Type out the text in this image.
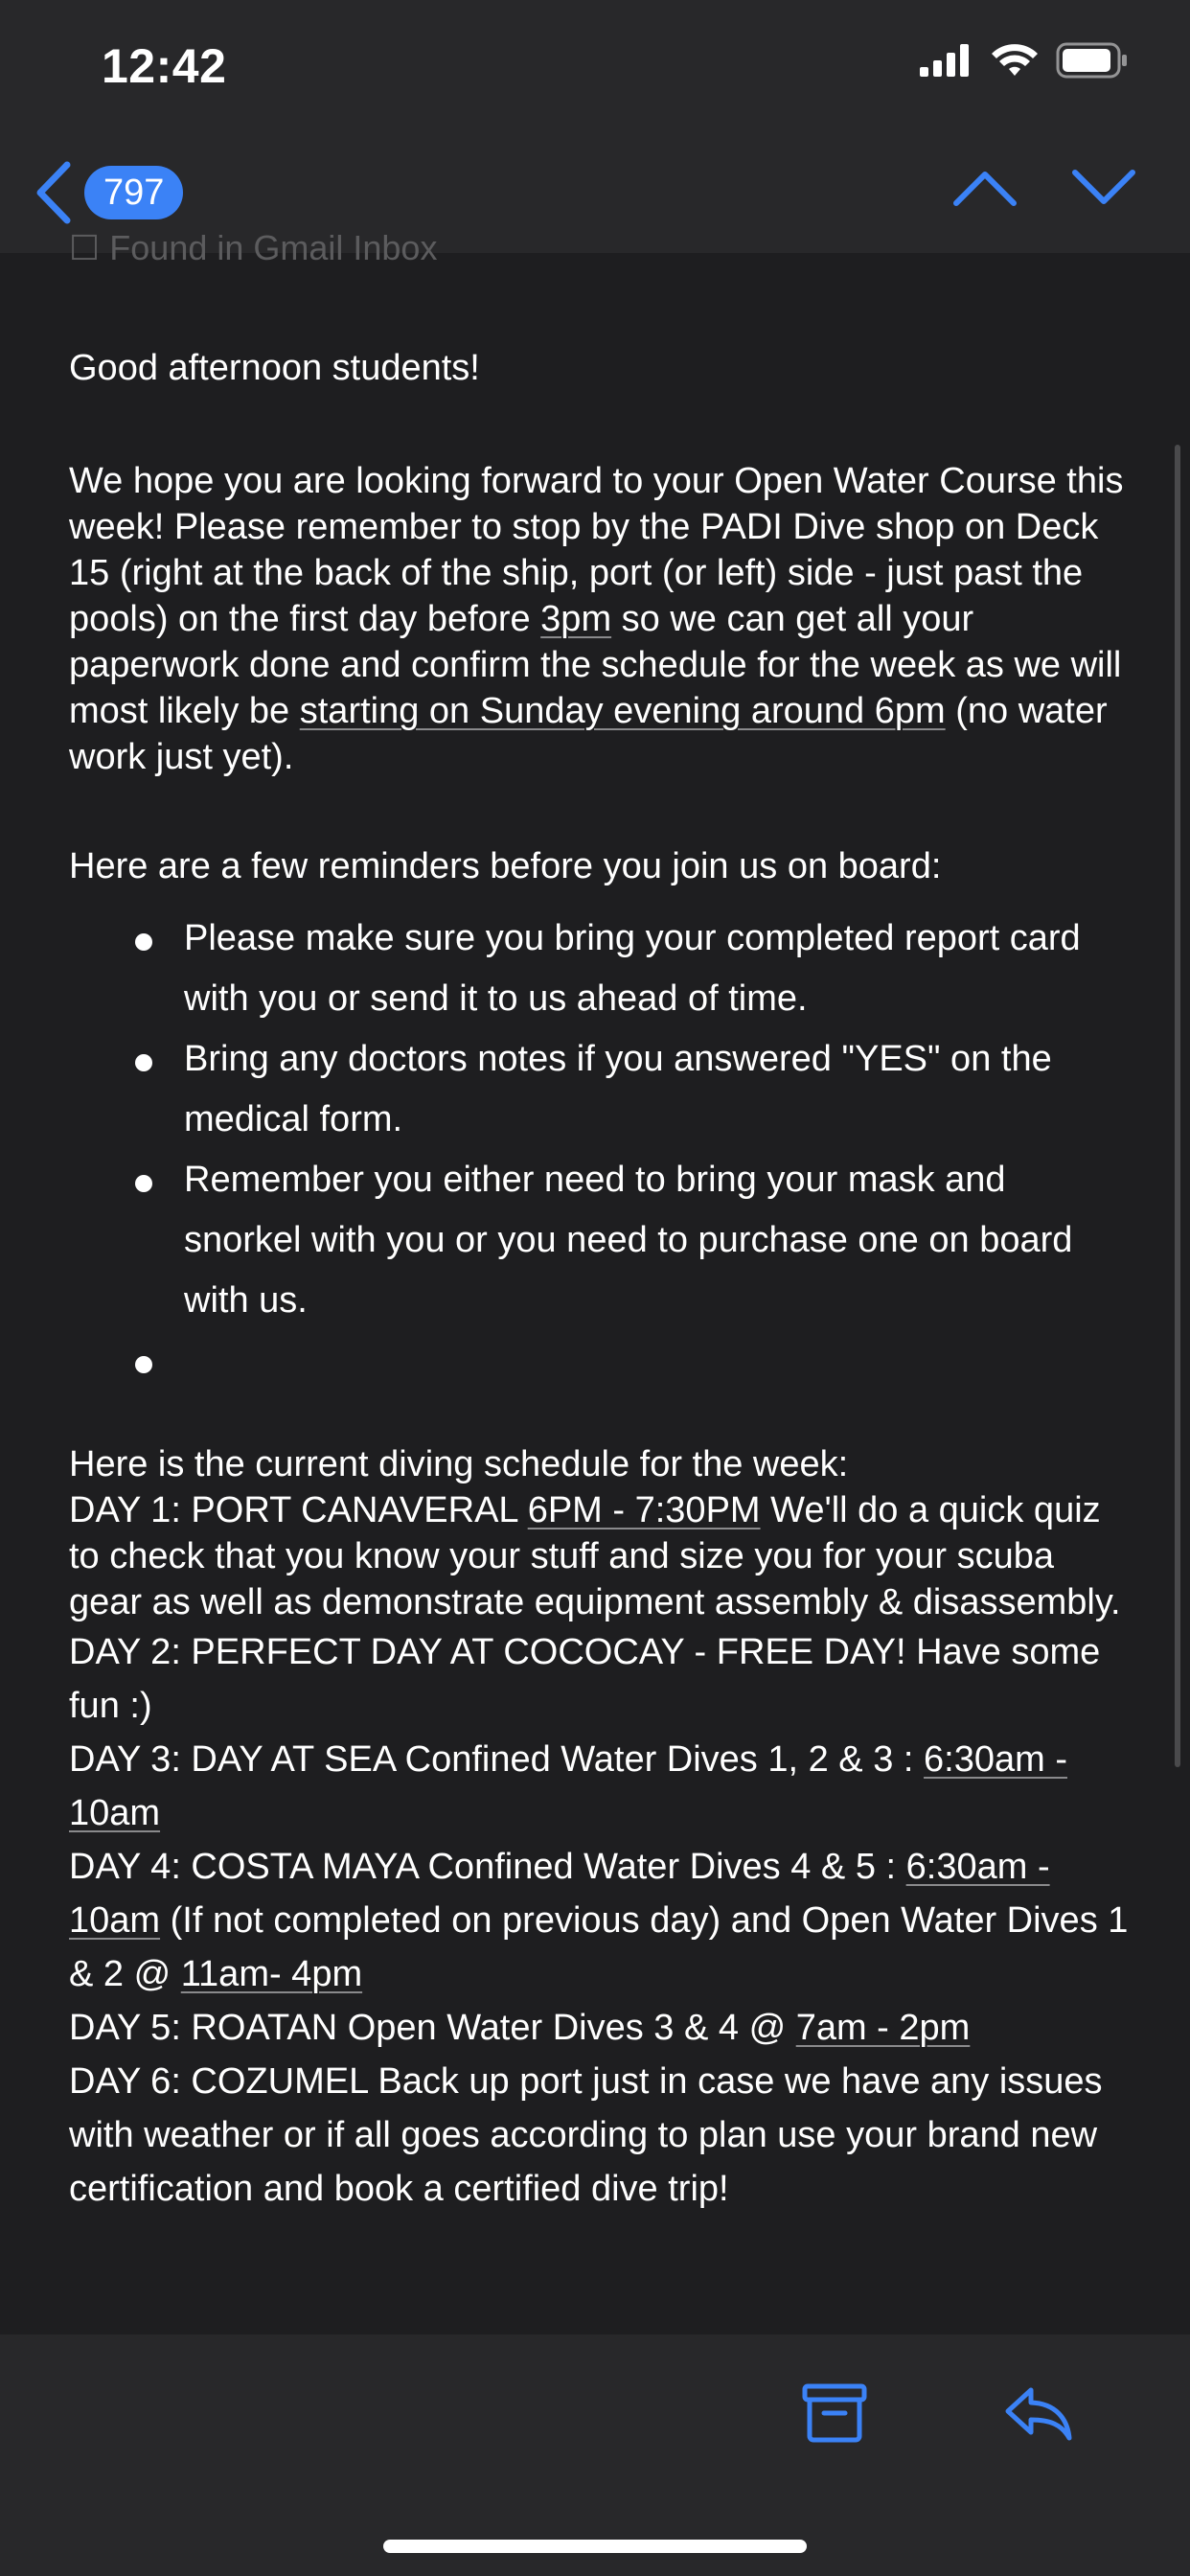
12:42
797
☐ Found in Gmail Inbox

Good afternoon students!

We hope you are looking forward to your Open Water Course this week! Please remember to stop by the PADI Dive shop on Deck 15 (right at the back of the ship, port (or left) side - just past the pools) on the first day before 3pm so we can get all your paperwork done and confirm the schedule for the week as we will most likely be starting on Sunday evening around 6pm (no water work just yet).

Here are a few reminders before you join us on board:

Please make sure you bring your completed report card with you or send it to us ahead of time.
Bring any doctors notes if you answered "YES" on the medical form.
Remember you either need to bring your mask and snorkel with you or you need to purchase one on board with us.

Here is the current diving schedule for the week:

DAY 1: PORT CANAVERAL 6PM - 7:30PM We'll do a quick quiz to check that you know your stuff and size you for your scuba gear as well as demonstrate equipment assembly & disassembly.

DAY 2: PERFECT DAY AT COCOCAY - FREE DAY! Have some fun :)

DAY 3: DAY AT SEA Confined Water Dives 1, 2 & 3 : 6:30am - 10am

DAY 4: COSTA MAYA Confined Water Dives 4 & 5 : 6:30am - 10am (If not completed on previous day) and Open Water Dives 1 & 2 @ 11am- 4pm

DAY 5: ROATAN Open Water Dives 3 & 4 @ 7am - 2pm

DAY 6: COZUMEL Back up port just in case we have any issues with weather or if all goes according to plan use your brand new certification and book a certified dive trip!
